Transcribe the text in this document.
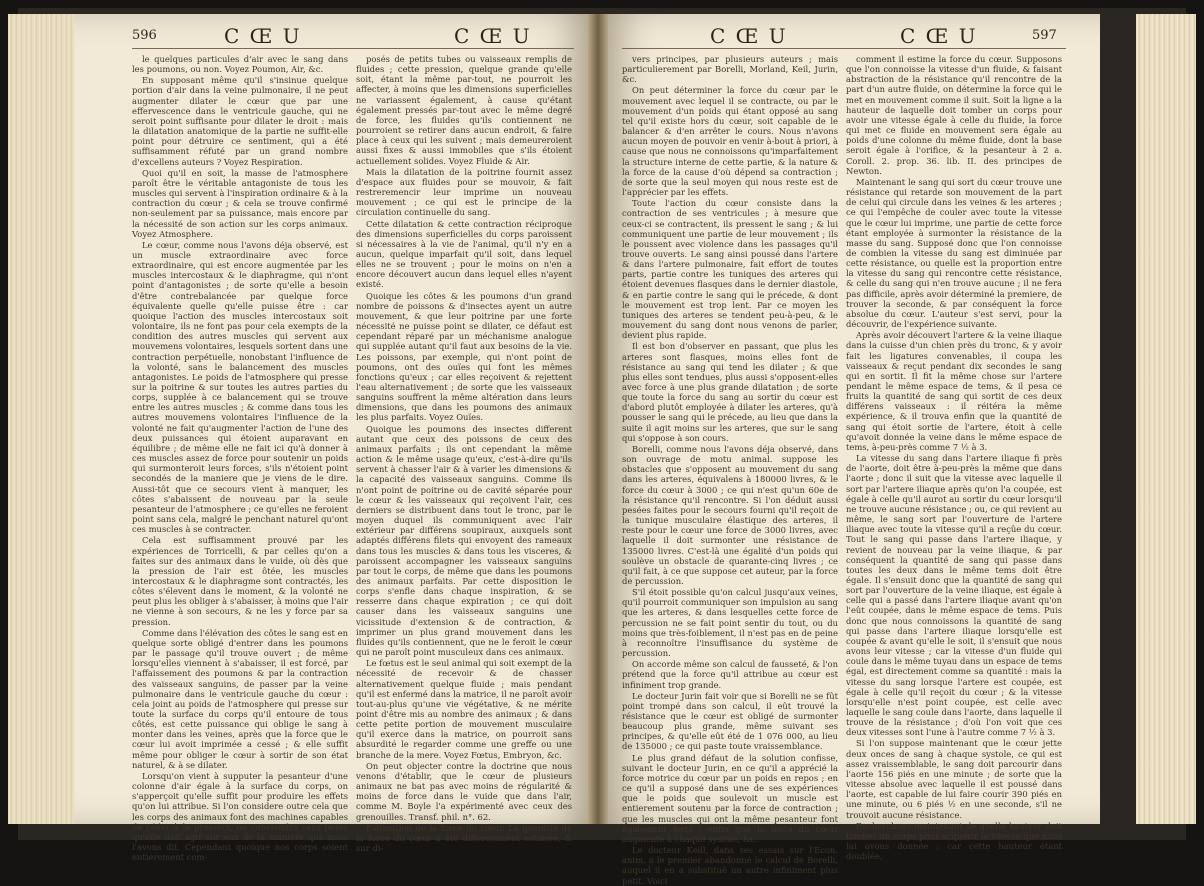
596	C Œ U	C Œ U

le quelques particules d'air avec le sang dans les poumons, ou non. Voyez Poumon, Air, &c.

En supposant même qu'il s'insinue quelque portion d'air dans la veine pulmonaire, il ne peut augmenter dilater le cœur que par une effervescence dans le ventricule gauche, qui ne seroit point suffisante pour dilater le droit : mais la dilatation anatomique de la partie ne suffit-elle point pour détruire ce sentiment, qui a été suffisamment réfuté par un grand nombre d'excellens auteurs ? Voyez Respiration.

Quoi qu'il en soit, la masse de l'atmosphere paroît être le véritable antagoniste de tous les muscles qui servent à l'inspiration ordinaire & à la contraction du cœur ; & cela se trouve confirmé non-seulement par sa puissance, mais encore par la nécessité de son action sur les corps animaux. Voyez Atmosphere.

Le cœur, comme nous l'avons déja observé, est un muscle extraordinaire avec force extraordinaire, qui est encore augmentée par les muscles intercostaux & le diaphragme, qui n'ont point d'antagonistes ; de sorte qu'elle a besoin d'être contrebalancée par quelque force équivalente quelle qu'elle puisse être : car quoique l'action des muscles intercostaux soit volontaire, ils ne font pas pour cela exempts de la condition des autres muscles qui servent aux mouvemens volontaires, lesquels sortent dans une contraction perpétuelle, nonobstant l'influence de la volonté, sans le balancement des muscles antagonistes. Le poids de l'atmosphere qui presse sur la poitrine & sur toutes les autres parties du corps, supplée à ce balancement qui se trouve entre les autres muscles ; & comme dans tous les autres mouvemens volontaires l'influence de la volonté ne fait qu'augmenter l'action de l'une des deux puissances qui étoient auparavant en équilibre ; de même elle ne fait ici qu'à donner à ces muscles assez de force pour soutenir un poids qui surmonteroit leurs forces, s'ils n'étoient point secondés de la maniere que je viens de le dire. Aussi-tôt que ce secours vient à manquer, les côtes s'abaissent de nouveau par la seule pesanteur de l'atmosphere ; ce qu'elles ne feroient point sans cela, malgré le penchant naturel qu'ont ces muscles à se contracter.

Cela est suffisamment prouvé par les expériences de Torricelli, & par celles qu'on a faites sur des animaux dans le vuide, où dès que la pression de l'air est ôtée, les muscles intercostaux & le diaphragme sont contractés, les côtes s'élevent dans le moment, & la volonté ne peut plus les obliger à s'abaisser, à moins que l'air ne vienne à son secours, & ne les y force par sa pression.

Comme dans l'élévation des côtes le sang est en quelque sorte obligé d'entrer dans les poumons par le passage qu'il trouve ouvert ; de même lorsqu'elles viennent à s'abaisser, il est forcé, par l'affaissement des poumons & par la contraction des vaisseaux sanguins, de passer par la veine pulmonaire dans le ventricule gauche du cœur : cela joint au poids de l'atmosphere qui presse sur toute la surface du corps qu'il entoure de tous côtés, est cette puissance qui oblige le sang à monter dans les veines, après que la force que le cœur lui avoit imprimée a cessé ; & elle suffit même pour obliger le cœur à sortir de son état naturel, & à se dilater.

Lorsqu'on vient à supputer la pesanteur d'une colonne d'air égale à la surface du corps, on s'apperçoit qu'elle suffit pour produire les effets qu'on lui attribue. Si l'on considere outre cela que les corps des animaux font des machines capables de céder à la pression, on conviendra sans peine qu'elle doit agir sur eux de la maniere que nous l'avons dit. Cependant quoique nos corps soient entierement com-

posés de petits tubes ou vaisseaux remplis de fluides ; cette pression, quelque grande qu'elle soit, étant la même par-tout, ne pourroit les affecter, à moins que les dimensions superficielles ne variassent également, à cause qu'étant également pressés par-tout avec le même degré de force, les fluides qu'ils contiennent ne pourroient se retirer dans aucun endroit, & faire place à ceux qui les suivent ; mais demeureroient aussi fixes & aussi immobiles que s'ils étoient actuellement solides. Voyez Fluide & Air.

Mais la dilatation de la poitrine fournit assez d'espace aux fluides pour se mouvoir, & fait restreremencir leur imprime un nouveau mouvement ; ce qui est le principe de la circulation continuelle du sang.

Cette dilatation & cette contraction réciproque des dimensions superficielles du corps paroissent si nécessaires à la vie de l'animal, qu'il n'y en a aucun, quelque imparfait qu'il soit, dans lequel elles ne se trouvent ; pour le moins on n'en a encore découvert aucun dans lequel elles n'ayent existé.

Quoique les côtes & les poumons d'un grand nombre de poissons & d'insectes ayent un autre mouvement, & que leur poitrine par une forte nécessité ne puisse point se dilater, ce défaut est cependant réparé par un méchanisme analogue qui supplée autant qu'il faut aux besoins de la vie. Les poissons, par exemple, qui n'ont point de poumons, ont des ouïes qui font les mêmes fonctions qu'eux ; car elles reçoivent & rejettent l'eau alternativement ; de sorte que les vaisseaux sanguins souffrent la même altération dans leurs dimensions, que dans les poumons des animaux les plus parfaits. Voyez Ouïes.

Quoique les poumons des insectes different autant que ceux des poissons de ceux des animaux parfaits ; ils ont cependant la même action & le même usage qu'eux, c'est-à-dire qu'ils servent à chasser l'air & à varier les dimensions & la capacité des vaisseaux sanguins. Comme ils n'ont point de poitrine ou de cavité séparée pour le cœur & les vaisseaux qui reçoivent l'air, ces derniers se distribuent dans tout le tronc, par le moyen duquel ils communiquent avec l'air extérieur par différens soupiraux, auxquels sont adaptés différens filets qui envoyent des rameaux dans tous les muscles & dans tous les visceres, & paroissent accompagner les vaisseaux sanguins par tout le corps, de même que dans les poumons des animaux parfaits. Par cette disposition le corps s'enfle dans chaque inspiration, & se resserre dans chaque expiration ; ce qui doit causer dans les vaisseaux sanguins une vicissitude d'extension & de contraction, & imprimer un plus grand mouvement dans les fluides qu'ils contiennent, que ne le feroit le cœur qui ne paroît point musculeux dans ces animaux.

Le fœtus est le seul animal qui soit exempt de la nécessité de recevoir & de chasser alternativement quelque fluide ; mais pendant qu'il est enfermé dans la matrice, il ne paroît avoir tout-au-plus qu'une vie végétative, & ne mérite point d'être mis au nombre des animaux ; & dans cette petite portion de mouvement musculaire qu'il exerce dans la matrice, on pourroit sans absurdité le regarder comme une greffe ou une branche de la mere. Voyez Fœtus, Embryon, &c.

On peut objecter contre la doctrine que nous venons d'établir, que le cœur de plusieurs animaux ne bat pas avec moins de régularité & moins de force dans le vuide que dans l'air, comme M. Boyle l'a expérimenté avec ceux des grenouilles. Transf. phil. n°. 62.

Estimation de la force du cœur. La quantité de la force du cœur a été différemment estimée, & sur di-

C Œ U	C Œ U	597

vers principes, par plusieurs auteurs ; mais particulierement par Borelli, Morland, Keil, Jurin, &c.

On peut déterminer la force du cœur par le mouvement avec lequel il se contracte, ou par le mouvement d'un poids qui étant opposé au sang tel qu'il existe hors du cœur, soit capable de le balancer & d'en arrêter le cours. Nous n'avons aucun moyen de pouvoir en venir à-bout à priori, à cause que nous ne connoissons qu'imparfaitement la structure interne de cette partie, & la nature & la force de la cause d'où dépend sa contraction ; de sorte que la seul moyen qui nous reste est de l'apprécier par les effets.

Toute l'action du cœur consiste dans la contraction de ses ventricules ; à mesure que ceux-ci se contractent, ils pressent le sang ; & lui communiquent une partie de leur mouvement ; ils le poussent avec violence dans les passages qu'il trouve ouverts. Le sang ainsi poussé dans l'artere & dans l'artere pulmonaire, fait effort de toutes parts, partie contre les tuniques des arteres qui étoient devenues flasques dans le dernier diastole, & en partie contre le sang qui le précede, & dont le mouvement est trop lent. Par ce moyen les tuniques des arteres se tendent peu-à-peu, & le mouvement du sang dont nous venons de parler, devient plus rapide.

Il est bon d'observer en passant, que plus les arteres sont flasques, moins elles font de résistance au sang qui tend les dilater ; & que plus elles sont tendues, plus aussi s'opposent-elles avec force à une plus grande dilatation ; de sorte que toute la force du sang au sortir du cœur est d'abord plutôt employée à dilater les arteres, qu'à pousser le sang qui le précede, au lieu que dans la suite il agit moins sur les arteres, que sur le sang qui s'oppose à son cours.

Borelli, comme nous l'avons déja observé, dans son ouvrage de motu animal. suppose les obstacles que s'opposent au mouvement du sang dans les arteres, équivalens à 180000 livres, & le force du cœur à 3000 ; ce qui n'est qu'un 60e de la résistance qu'il rencontre. Si l'on déduit aussi pesées faites pour le secours fourni qu'il reçoit de la tunique musculaire élastique des arteres, il reste pour le cœur une force de 3000 livres, avec laquelle il doit surmonter une résistance de 135000 livres. C'est-là une égalité d'un poids qui soulève un obstacle de quarante-cinq livres ; ce qu'il fait, à ce que suppose cet auteur, par la force de percussion.

S'il étoit possible qu'on calcul jusqu'aux veines, qu'il pourroit communiquer son impulsion au sang que les arteres, & dans lesquelles cette force de percussion ne se fait point sentir du tout, ou du moins que très-foiblement, il n'est pas en de peine à reconnoître l'insuffisance du système de percussion.

On accorde même son calcul de fausseté, & l'on prétend que la force qu'il attribue au cœur est infiniment trop grande.

Le docteur Jurin fait voir que si Borelli ne se fût point trompé dans son calcul, il eût trouvé la résistance que le cœur est obligé de surmonter beaucoup plus grande, même suivant ses principes, & qu'elle eût été de 1 076 000, au lieu de 135000 ; ce qui paste toute vraissemblance.

Le plus grand défaut de la solution confisse, suivant le docteur Jurin, en ce qu'il a apprécié la force motrice du cœur par un poids en repos ; en ce qu'il a supposé dans une de ses expériences que le poids que soulevoit un muscle est entierement soutenu par la force de contraction ; que les muscles qui ont la même pesanteur font également forts ; enfin que la force du cœur augmente à chaque systole, &c.

Le docteur Keill, dans ses essais sur l'Econ. anim. a le premier abandonné le calcul de Borelli, auquel il en a substitué un autre infiniment plus petit. Voici

comment il estime la force du cœur. Supposons que l'on connoisse la vitesse d'un fluide, & faisant abstraction de la résistance qu'il rencontre de la part d'un autre fluide, on détermine la force qui le met en mouvement comme il suit. Soit la ligne a la hauteur de laquelle doit tomber un corps pour avoir une vitesse égale à celle du fluide, la force qui met ce fluide en mouvement sera égale au poids d'une colonne du même fluide, dont la base seroit égale à l'orifice, & la pesanteur à 2 a. Coroll. 2. prop. 36. lib. II. des principes de Newton.

Maintenant le sang qui sort du cœur trouve une résistance qui retarde son mouvement de la part de celui qui circule dans les veines & les arteres ; ce qui l'empêche de couler avec toute la vitesse que le cœur lui imprime, une partie de cette force étant employée à surmonter la résistance de la masse du sang. Supposé donc que l'on connoisse de combien la vitesse du sang est diminuée par cette résistance, ou quelle est la proportion entre la vitesse du sang qui rencontre cette résistance, & celle du sang qui n'en trouve aucune ; il ne fera pas difficile, après avoir déterminé la premiere, de trouver la seconde, & par conséquent la force absolue du cœur. L'auteur s'est servi, pour la découvrir, de l'expérience suivante.

Après avoir découvert l'artere & la veine iliaque dans la cuisse d'un chien près du tronc, & y avoir fait les ligatures convenables, il coupa les vaisseaux & reçut pendant dix secondes le sang qui en sortit. Il fit la même chose sur l'artere pendant le même espace de tems, & il pesa ce fruits la quantité de sang qui sortit de ces deux différens vaisseaux : il réitéra la même expérience, & il trouva enfin que la quantité de sang qui étoit sortie de l'artere, étoit à celle qu'avoit donnée la veine dans le même espace de tems, à-peu-près comme 7 ½ à 3.

La vitesse du sang dans l'artere iliaque fi près de l'aorte, doit être à-peu-près la même que dans l'aorte ; donc il suit que la vitesse avec laquelle il sort par l'artere iliaque après qu'on l'a coupée, est égale à celle qu'il aurot au sortir du cœur lorsqu'il ne trouve aucune résistance ; ou, ce qui revient au même, le sang sort par l'ouverture de l'artere iliaque avec toute la vitesse qu'il a reçûe du cœur. Tout le sang qui passe dans l'artere iliaque, y revient de nouveau par la veine iliaque, & par conséquent la quantité de sang qui passe dans toutes les deux dans le même tems doit être égale. Il s'ensuit donc que la quantité de sang qui sort par l'ouverture de la veine iliaque, est égale à celle qui a passé dans l'artere iliaque avant qu'on l'eût coupée, dans le même espace de tems. Puis donc que nous connoissons la quantité de sang qui passe dans l'artere iliaque lorsqu'elle est coupée & avant qu'elle le soit, il s'ensuit que nous avons leur vitesse ; car la vitesse d'un fluide qui coule dans le même tuyau dans un espace de tems égal, est directement comme sa quantité : mais la vitesse du sang lorsque l'artere est coupée, est égale à celle qu'il reçoit du cœur ; & la vitesse lorsqu'elle n'est point coupée, est celle avec laquelle le sang coule dans l'aorte, dans laquelle il trouve de la résistance ; d'où l'on voit que ces deux vitesses sont l'une à l'autre comme 7 ½ à 3.

Si l'on suppose maintenant que le cœur jette deux onces de sang à chaque systole, ce qui est assez vraissemblable, le sang doit parcourir dans l'aorte 156 piés en une minute ; de sorte que la vitesse absolue avec laquelle il est poussé dans l'aorte, est capable de lui faire courir 390 piés en une minute, ou 6 piés ½ en une seconde, s'il ne trouvoit aucune résistance.

Recherchons maintenant de quelle hauteur doit tomber un corps pour acquérir la vitesse que nous lui avons donnée ; car cette hauteur étant doublée,
